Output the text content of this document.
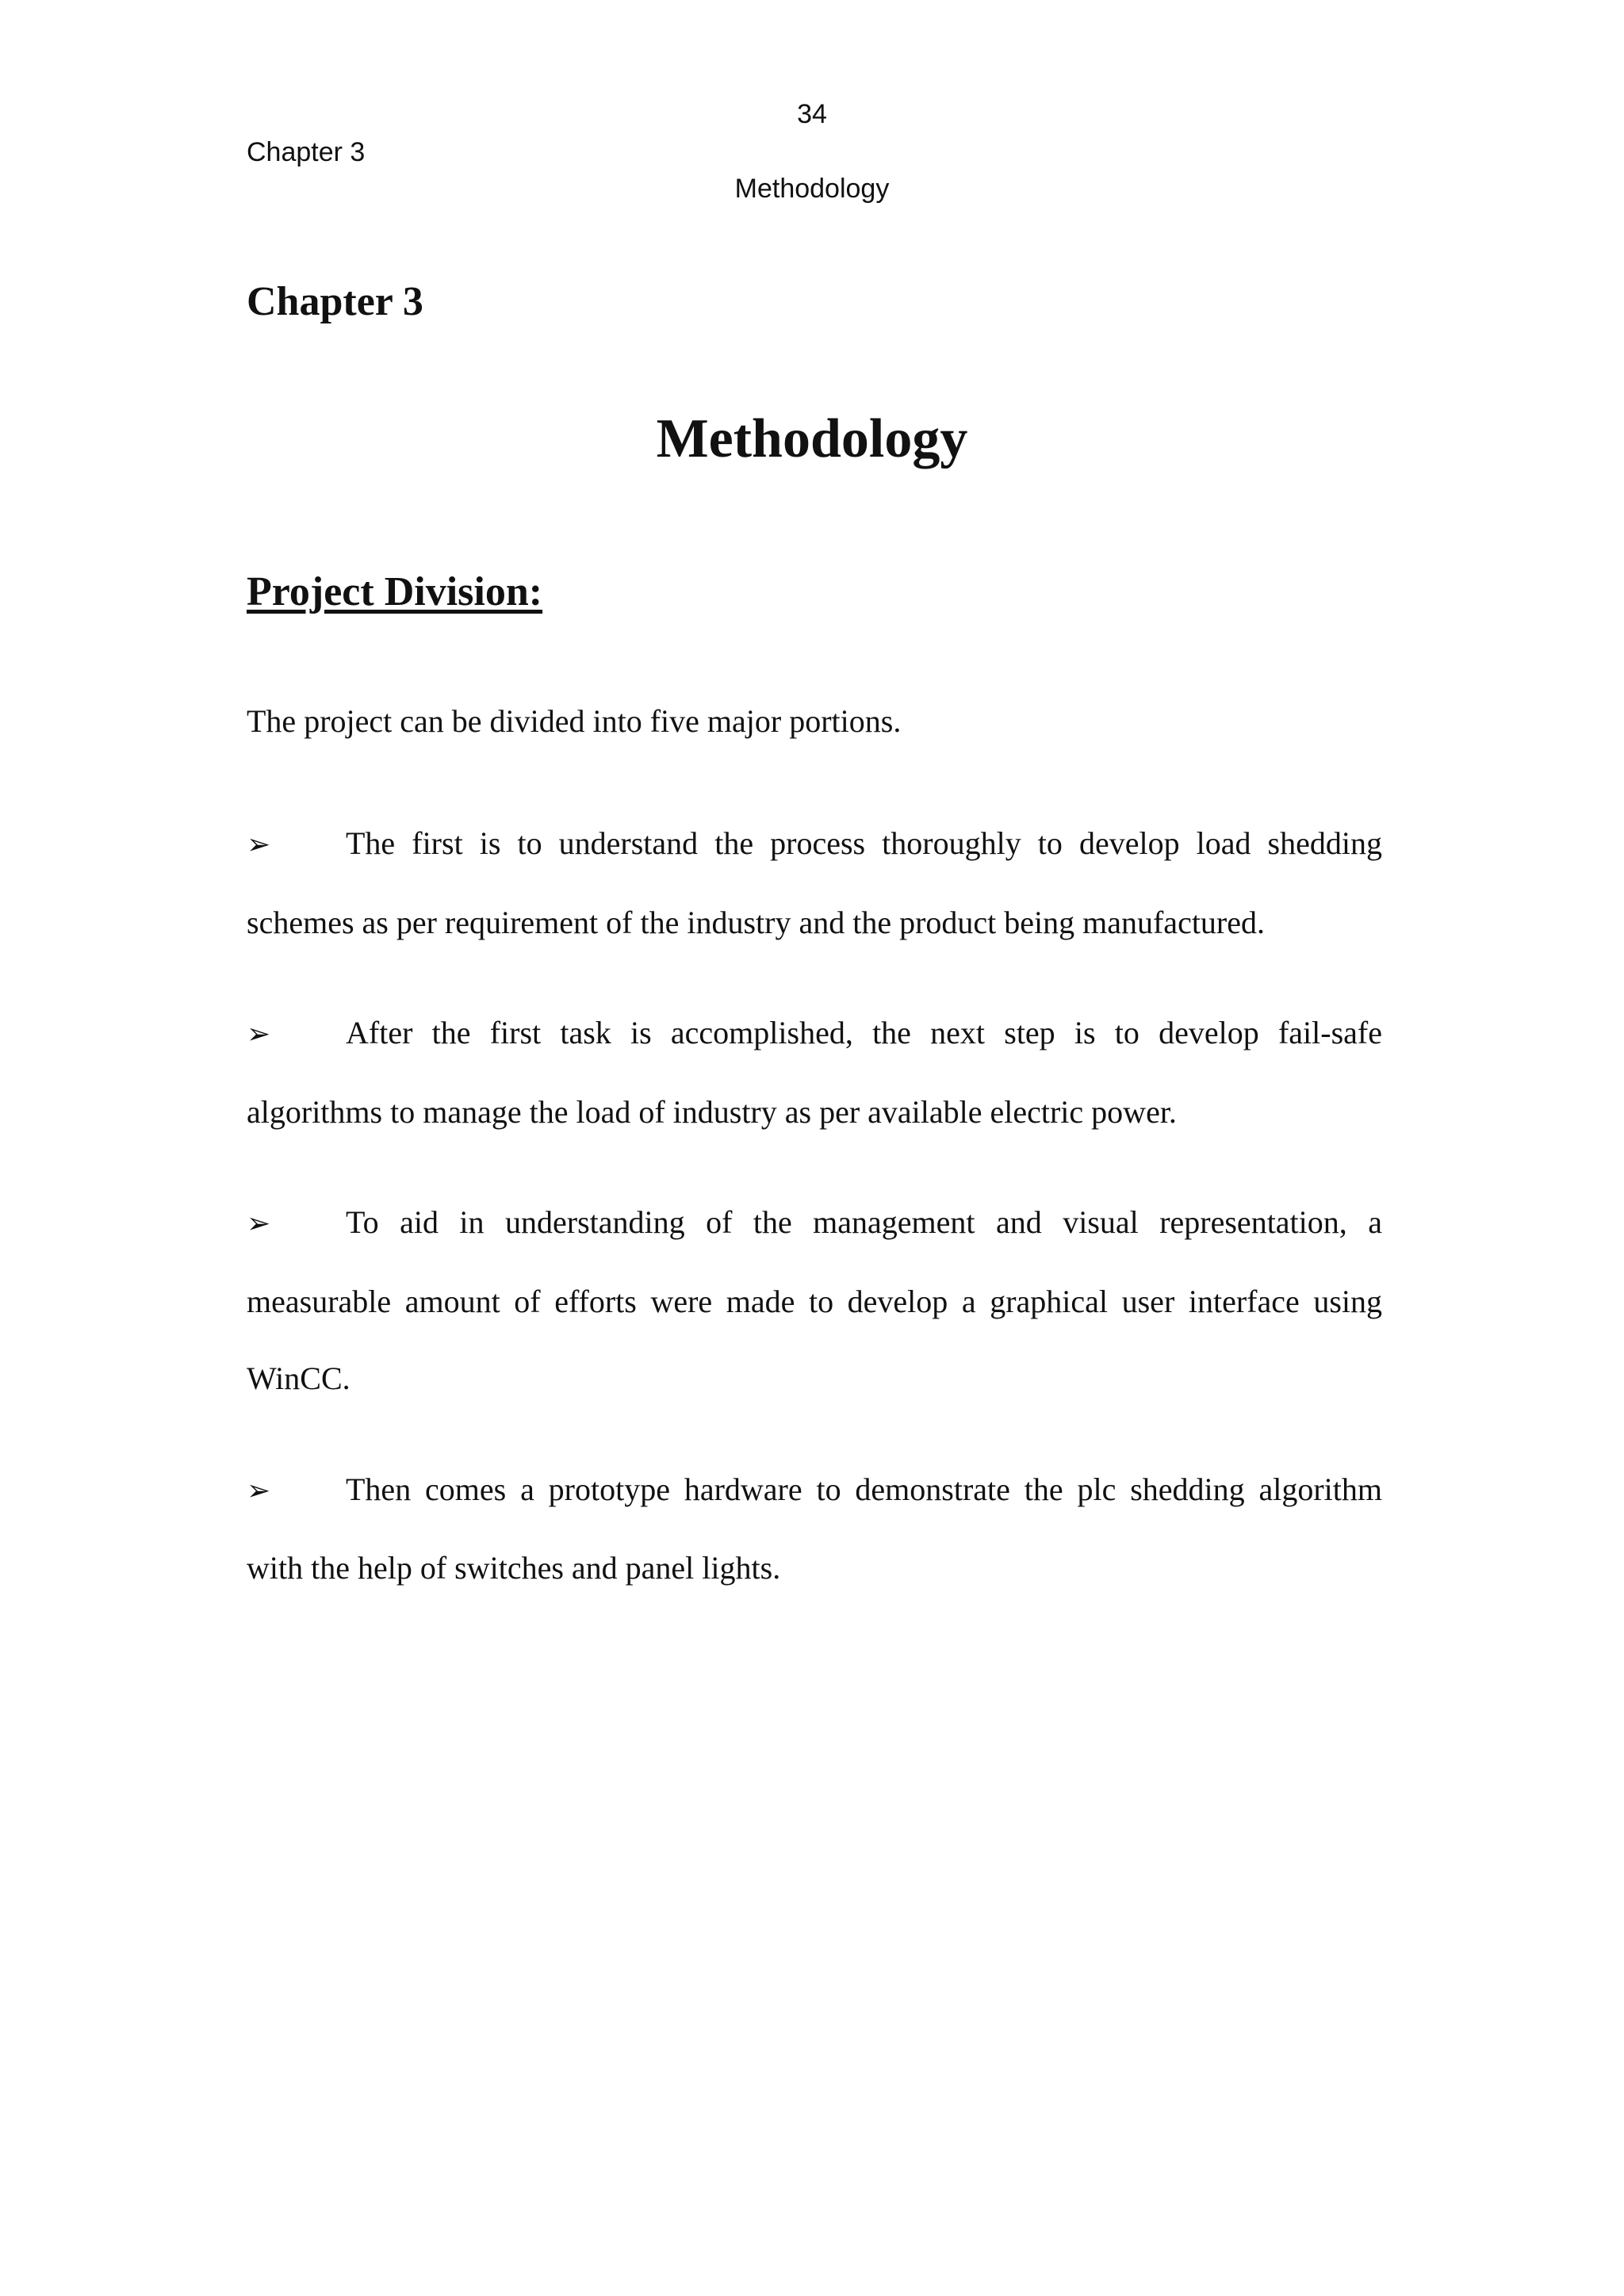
34
Chapter 3
Methodology
Chapter 3
Methodology
Project Division:

The project can be divided into five major portions.

➢ The first is to understand the process thoroughly to develop load shedding schemes as per requirement of the industry and the product being manufactured.
➢ After the first task is accomplished, the next step is to develop fail-safe algorithms to manage the load of industry as per available electric power.
➢ To aid in understanding of the management and visual representation, a measurable amount of efforts were made to develop a graphical user interface using WinCC.
➢ Then comes a prototype hardware to demonstrate the plc shedding algorithm with the help of switches and panel lights.
